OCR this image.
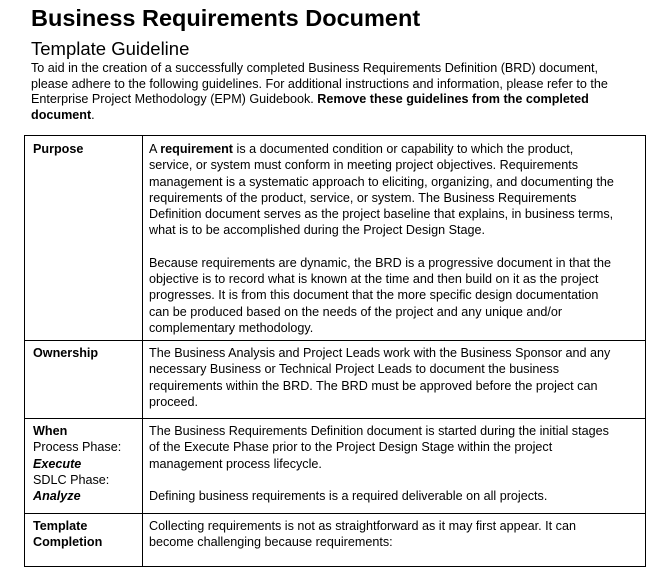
Business Requirements Document
Template Guideline
To aid in the creation of a successfully completed Business Requirements Definition (BRD) document,
please adhere to the following guidelines. For additional instructions and information, please refer to the
Enterprise Project Methodology (EPM) Guidebook. Remove these guidelines from the completed
document.
Purpose	A requirement is a documented condition or capability to which the product,
service, or system must conform in meeting project objectives. Requirements
management is a systematic approach to eliciting, organizing, and documenting the
requirements of the product, service, or system. The Business Requirements
Definition document serves as the project baseline that explains, in business terms,
what is to be accomplished during the Project Design Stage.
Because requirements are dynamic, the BRD is a progressive document in that the
objective is to record what is known at the time and then build on it as the project
progresses. It is from this document that the more specific design documentation
can be produced based on the needs of the project and any unique and/or
complementary methodology.
Ownership	The Business Analysis and Project Leads work with the Business Sponsor and any
necessary Business or Technical Project Leads to document the business
requirements within the BRD. The BRD must be approved before the project can
proceed.
When
Process Phase:
Execute
SDLC Phase:
Analyze
The Business Requirements Definition document is started during the initial stages
of the Execute Phase prior to the Project Design Stage within the project
management process lifecycle.
Defining business requirements is a required deliverable on all projects.
Template
Completion
Collecting requirements is not as straightforward as it may first appear. It can
become challenging because requirements:
